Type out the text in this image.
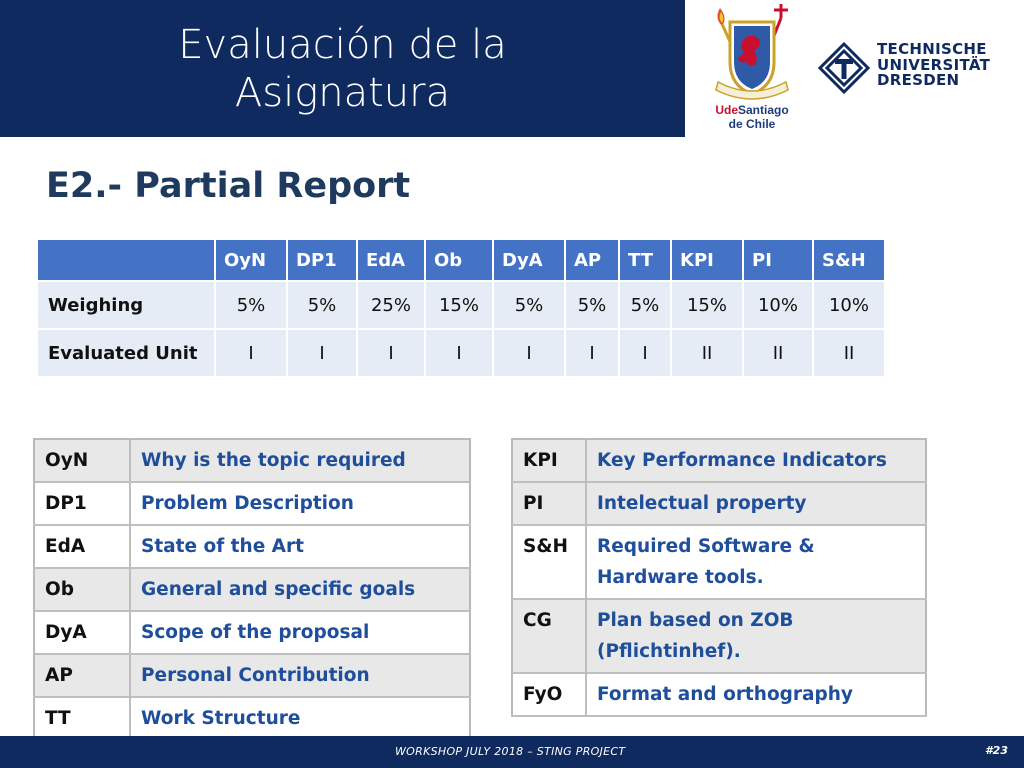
Evaluación de la Asignatura	UdeSantiago
de Chile
TECHNISCHE
UNIVERSITÄT
DRESDEN
E2.- Partial Report
	OyN	DP1	EdA	Ob	DyA	AP	TT	KPI	PI	S&H
Weighing	5%	5%	25%	15%	5%	5%	5%	15%	10%	10%
Evaluated Unit	I	I	I	I	I	I	I	II	II	II
OyN	Why is the topic required
DP1	Problem Description
EdA	State of the Art
Ob	General and specific goals
DyA	Scope of the proposal
AP	Personal Contribution
TT	Work Structure
KPI	Key Performance Indicators
PI	Intelectual property
S&H	Required Software & Hardware tools.
CG	Plan based on ZOB (Pflichtinhef).
FyO	Format and orthography
WORKSHOP JULY 2018 – STING PROJECT	#23
